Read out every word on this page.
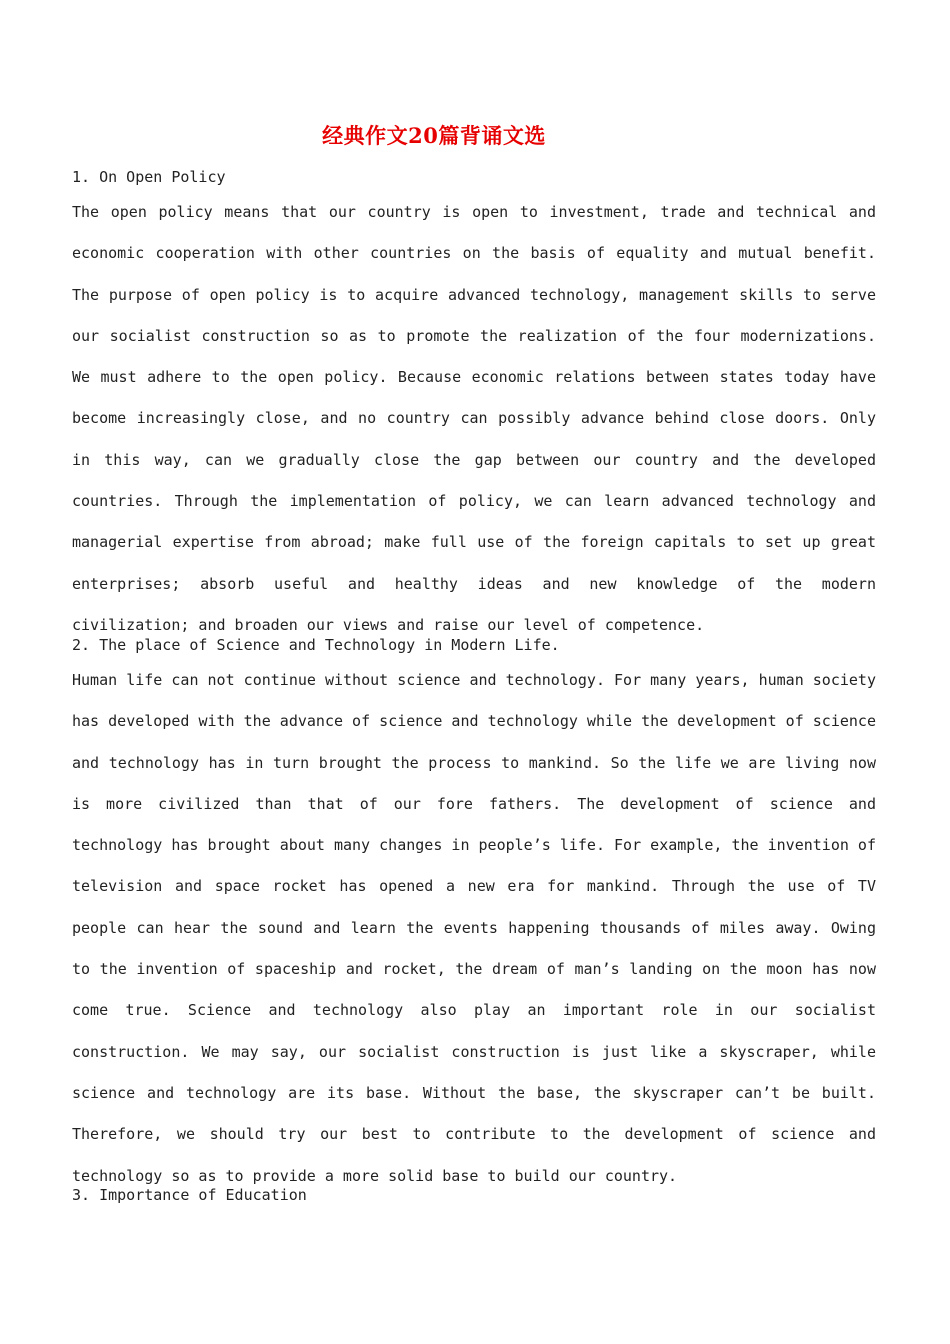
经典作文20篇背诵文选
1. On Open Policy

The open policy means that our country is open to investment, trade and technical and economic cooperation with other countries on the basis of equality and mutual benefit. The purpose of open policy is to acquire advanced technology, management skills to serve our socialist construction so as to promote the realization of the four modernizations. We must adhere to the open policy. Because economic relations between states today have become increasingly close, and no country can possibly advance behind close doors. Only in this way, can we gradually close the gap between our country and the developed countries. Through the implementation of policy, we can learn advanced technology and managerial expertise from abroad; make full use of the foreign capitals to set up great enterprises; absorb useful and healthy ideas and new knowledge of the modern civilization; and broaden our views and raise our level of competence.

2. The place of Science and Technology in Modern Life.

Human life can not continue without science and technology. For many years, human society has developed with the advance of science and technology while the development of science and technology has in turn brought the process to mankind. So the life we are living now is more civilized than that of our fore fathers. The development of science and technology has brought about many changes in people’s life. For example, the invention of television and space rocket has opened a new era for mankind. Through the use of TV people can hear the sound and learn the events happening thousands of miles away. Owing to the invention of spaceship and rocket, the dream of man’s landing on the moon has now come true. Science and technology also play an important role in our socialist construction. We may say, our socialist construction is just like a skyscraper, while science and technology are its base. Without the base, the skyscraper can’t be built. Therefore, we should try our best to contribute to the development of science and technology so as to provide a more solid base to build our country.

3. Importance of Education
